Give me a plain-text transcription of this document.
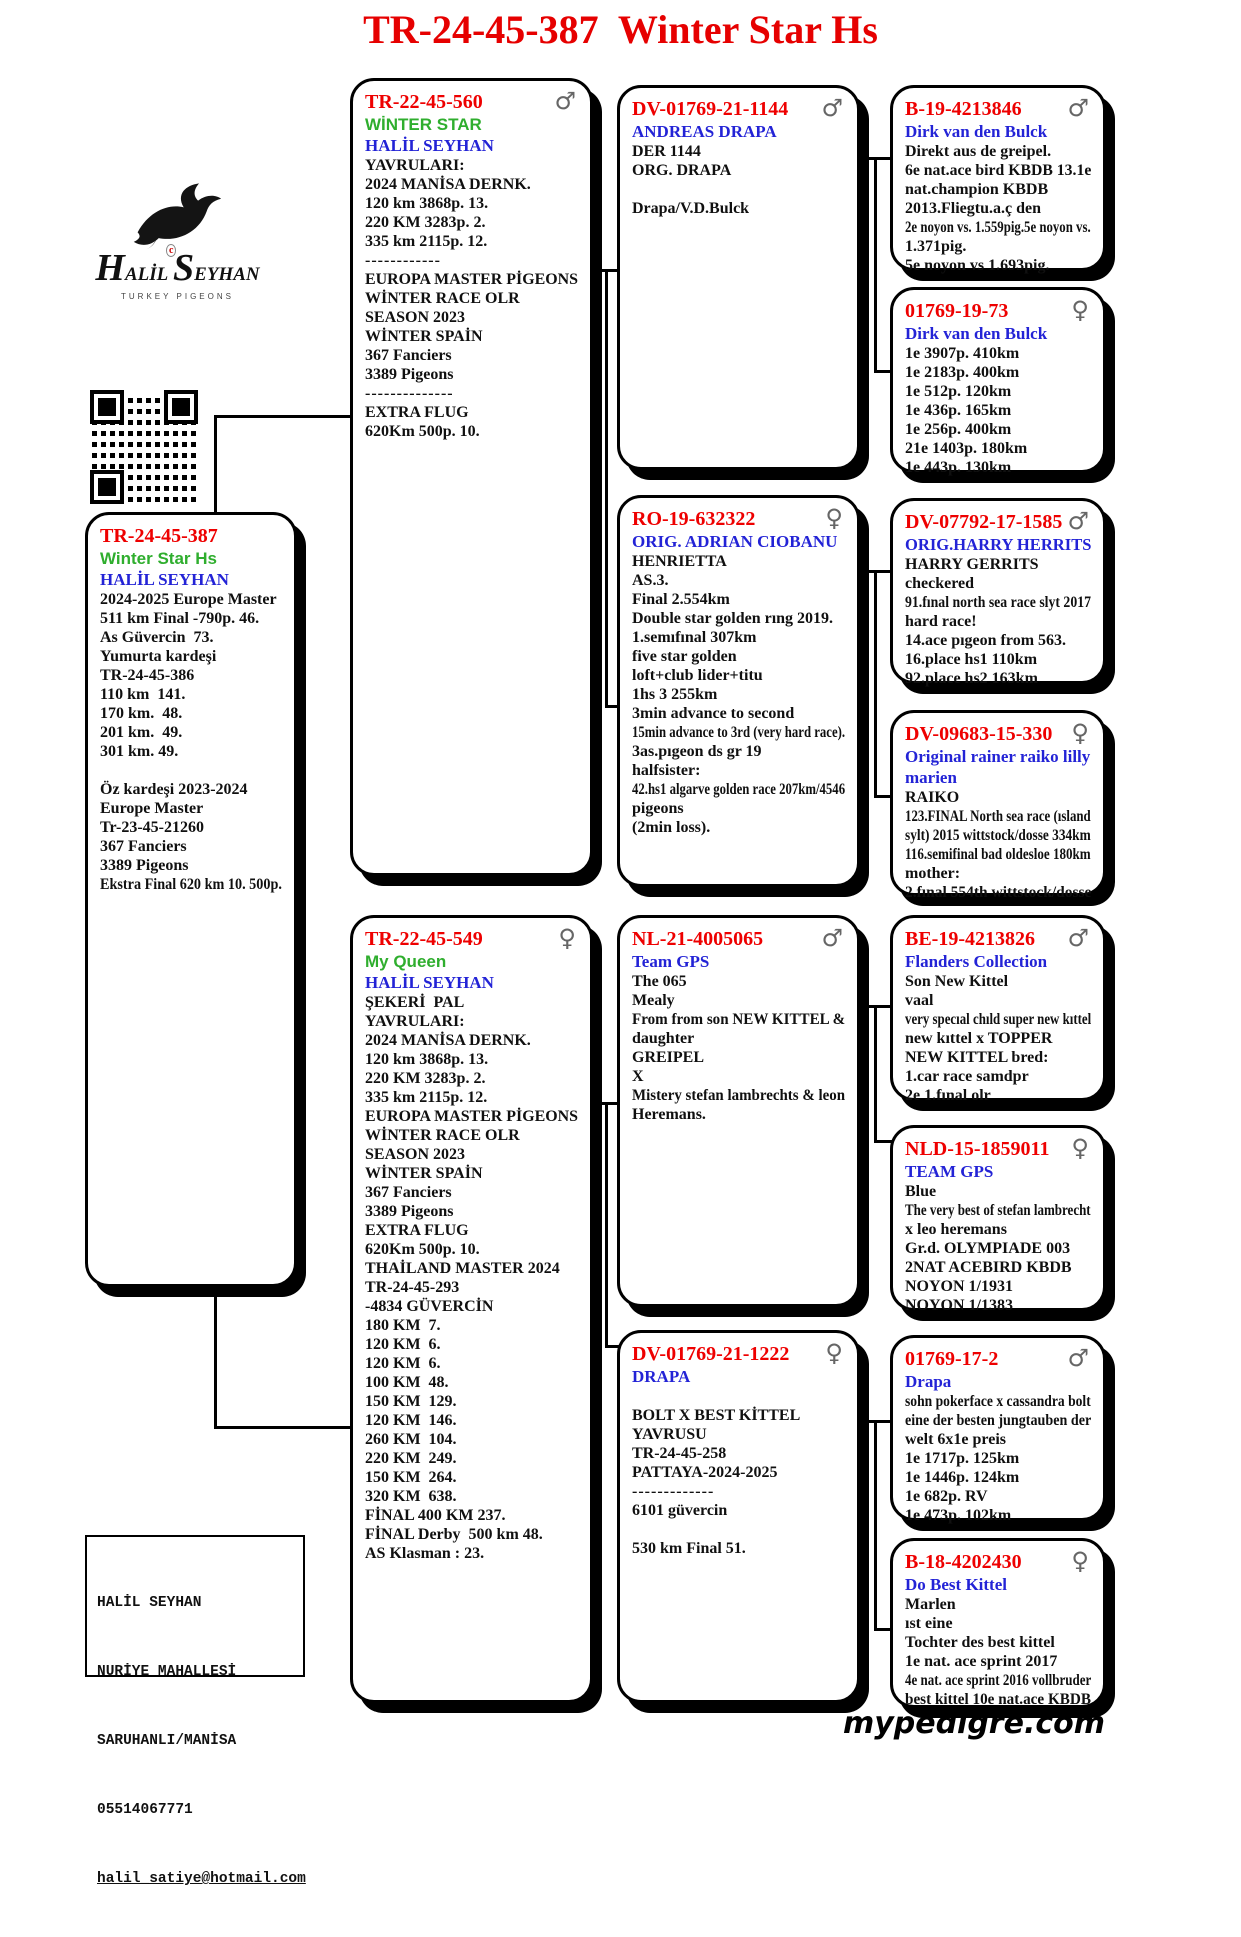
TR-24-45-387  Winter Star Hs
HALİL
c SEYHAN
TURKEY PIGEONS
TR-24-45-387
Winter Star Hs
HALİL SEYHAN
2024-2025 Europe Master
511 km Final -790p. 46.
As Güvercin  73.
Yumurta kardeşi
TR-24-45-386
110 km  141.
170 km.  48.
201 km.  49.
301 km. 49.
Öz kardeşi 2023-2024
Europe Master
Tr-23-45-21260
367 Fanciers
3389 Pigeons
Ekstra Final 620 km 10. 500p.
♂
TR-22-45-560
WİNTER STAR
HALİL SEYHAN
YAVRULARI:
2024 MANİSA DERNK.
120 km 3868p. 13.
220 KM 3283p. 2.
335 km 2115p. 12.
------------
EUROPA MASTER PİGEONS
WİNTER RACE OLR
SEASON 2023
WİNTER SPAİN
367 Fanciers
3389 Pigeons
--------------
EXTRA FLUG
620Km 500p. 10.
♀
TR-22-45-549
My Queen
HALİL SEYHAN
ŞEKERİ  PAL
YAVRULARI:
2024 MANİSA DERNK.
120 km 3868p. 13.
220 KM 3283p. 2.
335 km 2115p. 12.
EUROPA MASTER PİGEONS
WİNTER RACE OLR
SEASON 2023
WİNTER SPAİN
367 Fanciers
3389 Pigeons
EXTRA FLUG
620Km 500p. 10.
THAİLAND MASTER 2024
TR-24-45-293
-4834 GÜVERCİN
180 KM  7.
120 KM  6.
120 KM  6.
100 KM  48.
150 KM  129.
120 KM  146.
260 KM  104.
220 KM  249.
150 KM  264.
320 KM  638.
FİNAL 400 KM 237.
FİNAL Derby  500 km 48.
AS Klasman : 23.
♂
DV-01769-21-1144
ANDREAS DRAPA
DER 1144
ORG. DRAPA
Drapa/V.D.Bulck
♀
RO-19-632322
ORIG. ADRIAN CIOBANU
HENRIETTA
AS.3.
Final 2.554km
Double star golden rıng 2019.
1.semıfınal 307km
five star golden
loft+club lider+titu
1hs 3 255km
3min advance to second
15min advance to 3rd (very hard race).
3as.pıgeon ds gr 19
halfsister:
42.hs1 algarve golden race 207km/4546
pigeons
(2min loss).
♂
NL-21-4005065
Team GPS
The 065
Mealy
From from son NEW KITTEL &
daughter
GREIPEL
X
Mistery stefan lambrechts & leon
Heremans.
♀
DV-01769-21-1222
DRAPA
BOLT X BEST KİTTEL
YAVRUSU
TR-24-45-258
PATTAYA-2024-2025
-------------
6101 güvercin
530 km Final 51.
♂
B-19-4213846
Dirk van den Bulck
Direkt aus de greipel.
6e nat.ace bird KBDB 13.1e
nat.champion KBDB
2013.Fliegtu.a.ç den
2e noyon vs. 1.559pig.5e noyon vs.
1.371pig.
5e noyon vs 1.693pig.
♀
01769-19-73
Dirk van den Bulck
1e 3907p. 410km
1e 2183p. 400km
1e 512p. 120km
1e 436p. 165km
1e 256p. 400km
21e 1403p. 180km
1e 443p. 130km
♂
DV-07792-17-1585
ORIG.HARRY HERRITS
HARRY GERRITS
checkered
91.fınal north sea race slyt 2017
hard race!
14.ace pıgeon from 563.
16.place hs1 110km
92.place hs2 163km
♀
DV-09683-15-330
Original rainer raiko lilly
marien
RAIKO
123.FINAL North sea race (ısland
sylt) 2015 wittstock/dosse 334km
116.semifinal bad oldesloe 180km
mother:
2.fınal 554th wittstock/dosse
♂
BE-19-4213826
Flanders Collection
Son New Kittel
vaal
very specıal chıld super new kıttel
new kıttel x TOPPER
NEW KITTEL bred:
1.car race samdpr
2e 1.fınal olr
♀
NLD-15-1859011
TEAM GPS
Blue
The very best of stefan lambrecht
x leo heremans
Gr.d. OLYMPIADE 003
2NAT ACEBIRD KBDB
NOYON 1/1931
NOYON 1/1383
♂
01769-17-2
Drapa
sohn pokerface x cassandra bolt
eine der besten jungtauben der
welt 6x1e preis
1e 1717p. 125km
1e 1446p. 124km
1e 682p. RV
1e 473p. 102km
♀
B-18-4202430
Do Best Kittel
Marlen
ıst eine
Tochter des best kittel
1e nat. ace sprint 2017
4e nat. ace sprint 2016 vollbruder
best kittel 10e nat.ace KBDB

HALİL SEYHAN

NURİYE MAHALLESİ

SARUHANLI/MANİSA

05514067771

halil_satiye@hotmail.com

mypedigre.com
